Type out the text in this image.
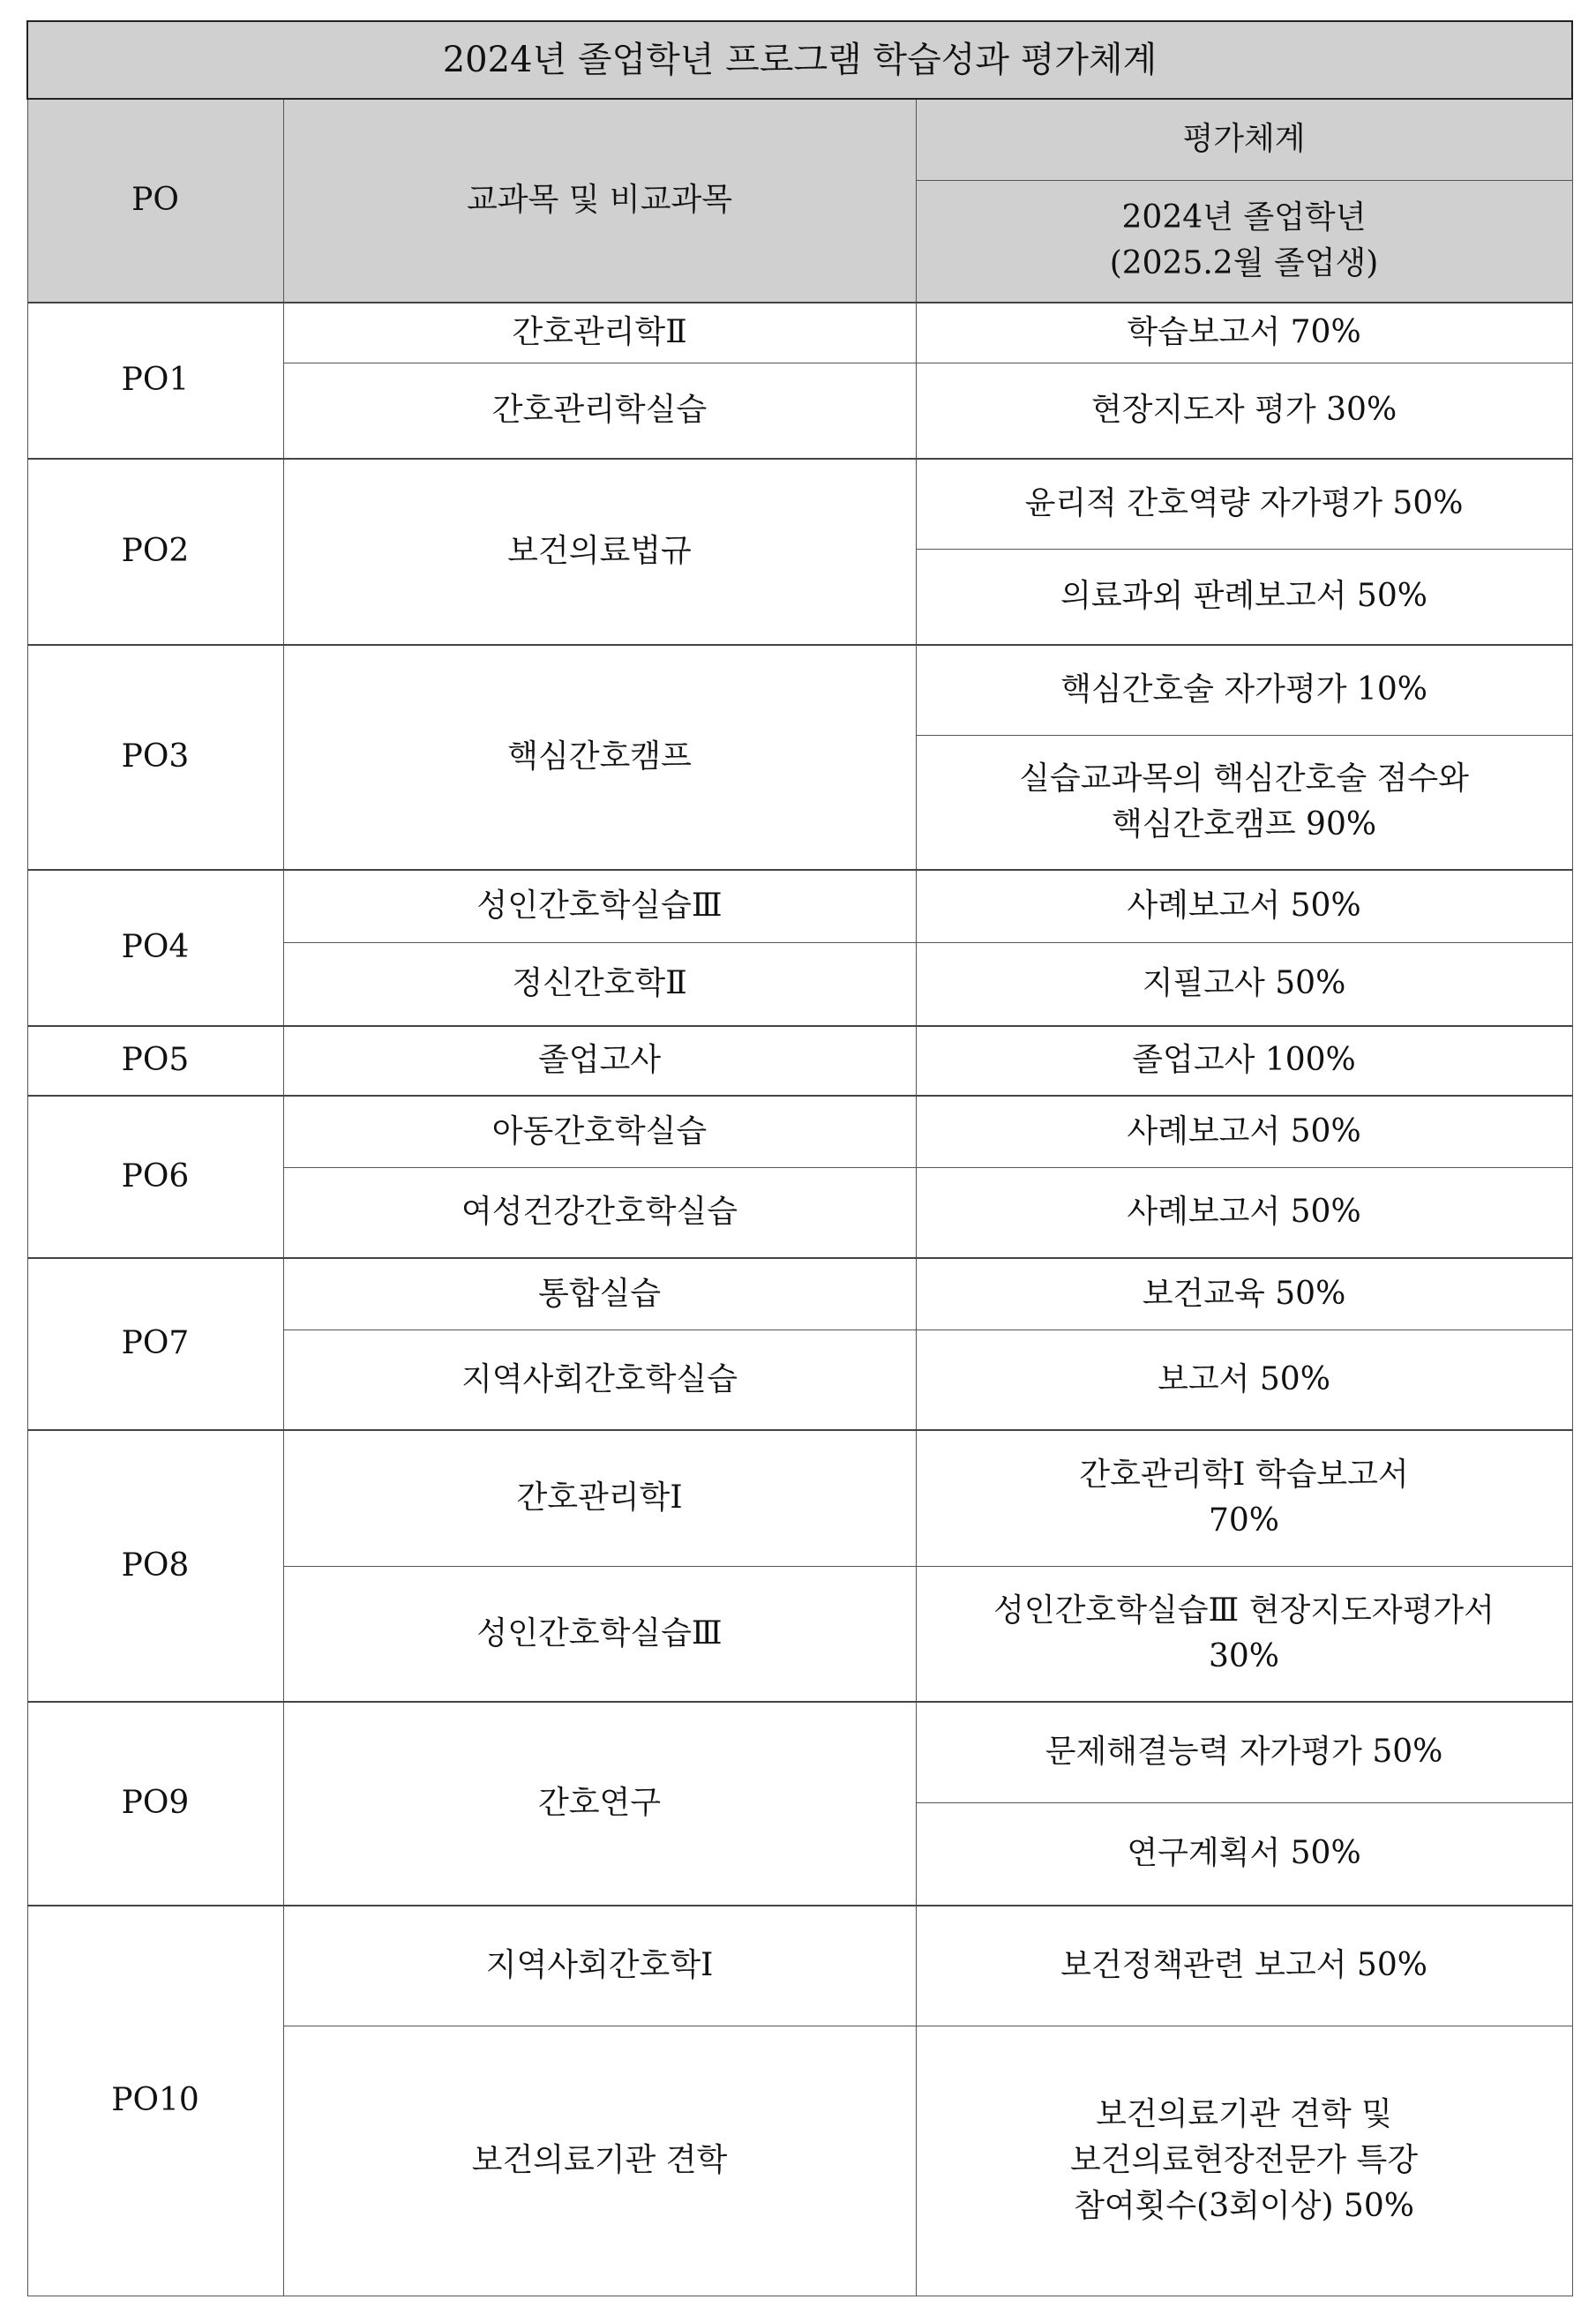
2024년 졸업학년 프로그램 학습성과 평가체계		
PO	교과목 및 비교과목	평가체계

		2024년 졸업학년
(2025.2월 졸업생)

PO1	간호관리학Ⅱ	학습보고서 70%

	간호관리학실습	현장지도자 평가 30%

PO2	보건의료법규	윤리적 간호역량 자가평가 50%

		의료과외 판례보고서 50%

PO3	핵심간호캠프	핵심간호술 자가평가 10%

		실습교과목의 핵심간호술 점수와
핵심간호캠프 90%

PO4	성인간호학실습Ⅲ	사례보고서 50%

	정신간호학Ⅱ	지필고사 50%

PO5	졸업고사	졸업고사 100%

PO6	아동간호학실습	사례보고서 50%

	여성건강간호학실습	사례보고서 50%

PO7	통합실습	보건교육 50%

	지역사회간호학실습	보고서 50%

PO8	간호관리학Ⅰ	간호관리학I 학습보고서
70%

	성인간호학실습Ⅲ	성인간호학실습Ⅲ 현장지도자평가서
30%

PO9	간호연구	문제해결능력 자가평가 50%

		연구계획서 50%

PO10	지역사회간호학Ⅰ	보건정책관련 보고서 50%

	보건의료기관 견학	보건의료기관 견학 및
보건의료현장전문가 특강
참여횟수(3회이상) 50%
